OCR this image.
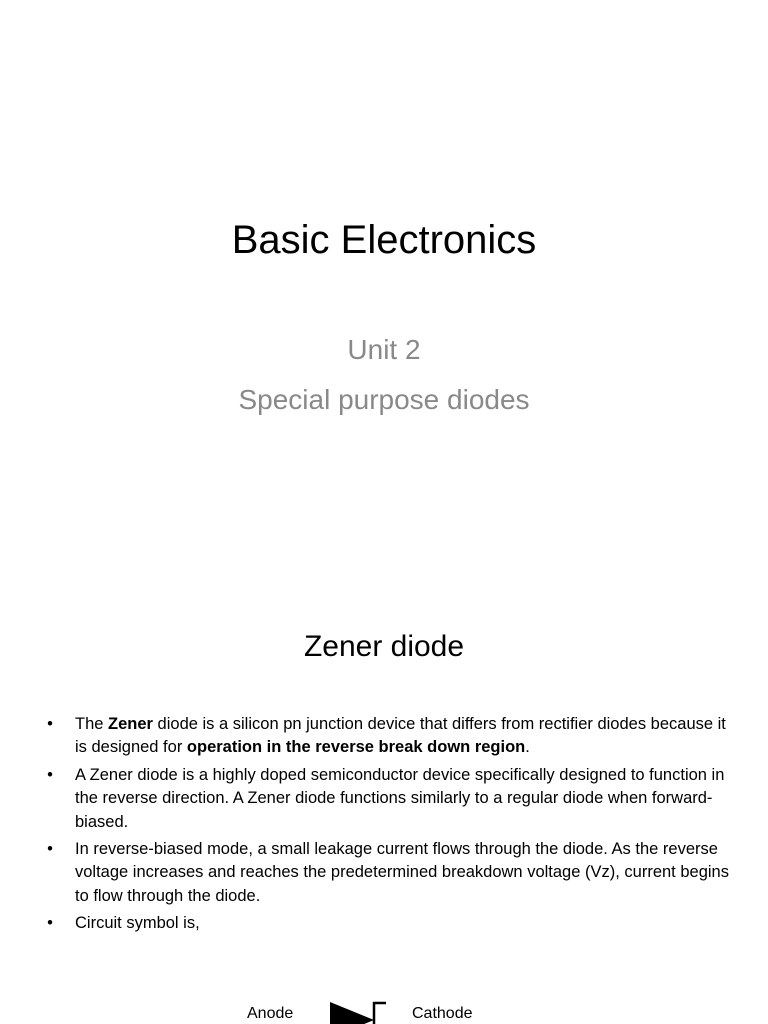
Basic Electronics

Unit 2

Special purpose diodes

Zener diode
• The Zener diode is a silicon pn junction device that differs from rectifier diodes because it is designed for operation in the reverse break down region.
• A Zener diode is a highly doped semiconductor device specifically designed to function in the reverse direction. A Zener diode functions similarly to a regular diode when forward-biased.
• In reverse-biased mode, a small leakage current flows through the diode. As the reverse voltage increases and reaches the predetermined breakdown voltage (Vz), current begins to flow through the diode.
• Circuit symbol is,
Anode	Cathode
